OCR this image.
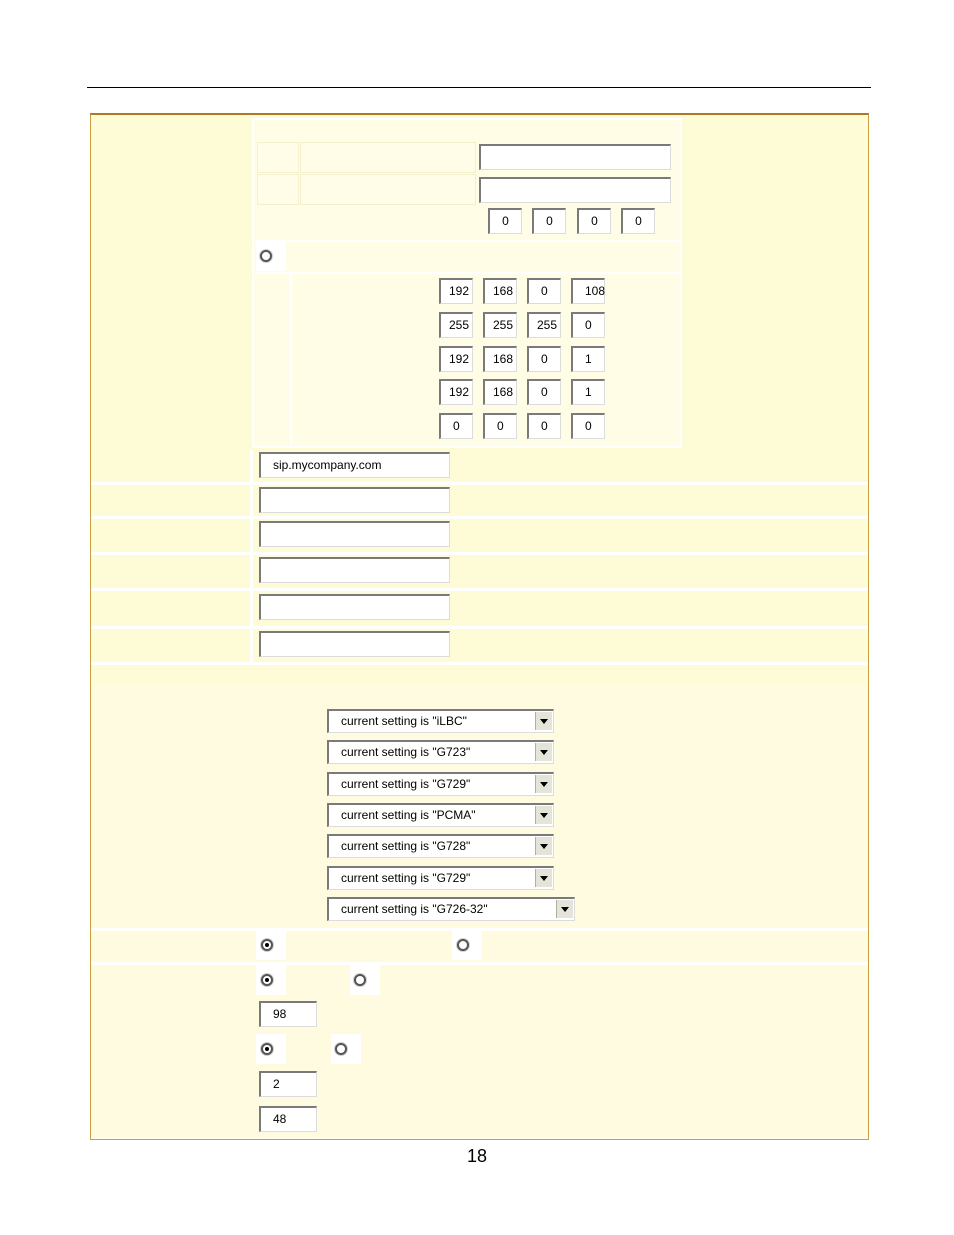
0	0	0	0
192	168	0	108
255	255	255	0
192	168	0	1
192	168	0	1
0	0	0	0
sip.mycompany.com
current setting is "iLBC"
current setting is "G723"
current setting is "G729"
current setting is "PCMA"
current setting is "G728"
current setting is "G729"
current setting is "G726-32"
98
2
48
18
